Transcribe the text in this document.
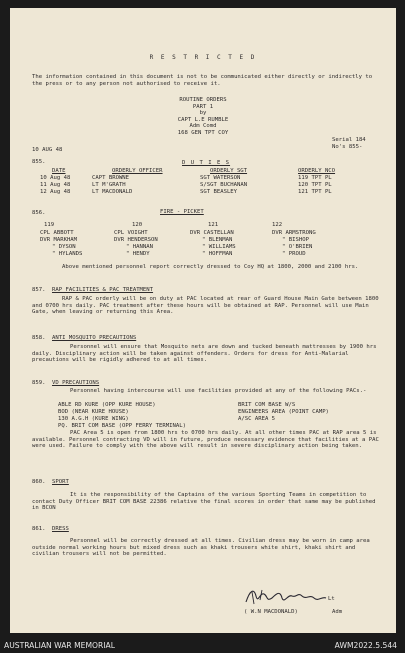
R E S T R I C T E D
The information contained in this document is not to be communicated either directly or indirectly to the press or to any person not authorised to receive it.
ROUTINE ORDERS
PART 1
by
CAPT L.E RUMBLE
Adm Comd
168 GEN TPT COY
10 AUG 48
Serial 184
No's 855-
855.	D U T I E S
DATE	ORDERLY OFFICER	ORDERLY SGT	ORDERLY NCO
10 Aug 48	CAPT BROWNE	SGT WATERSON	119 TPT PL
11 Aug 48	LT M'GRATH	S/SGT BUCHANAN	120 TPT PL
12 Aug 48	LT MACDONALD	SGT BEASLEY	121 TPT PL
856.	FIRE - PICKET
119	120	121	122
CPL ABBOTT	CPL VOIGHT	DVR CASTELLAN	DVR ARMSTRONG
DVR MARKHAM	DVR HENDERSON	" BLENMAN	" BISHOP
" DYSON	" HANNAN	" WILLIAMS	" O'BRIEN
" HYLANDS	" HENDY	" HOFFMAN	" PROUD
Above mentioned personnel report correctly dressed to Coy HQ at 1800, 2000 and 2100 hrs.
857. RAP FACILITIES & PAC TREATMENT
RAP & PAC orderly will be on duty at PAC located at rear of Guard House Main Gate between 1800 and 0700 hrs daily. PAC treatment after these hours will be obtained at RAP. Personnel will use Main Gate, when leaving or returning this Area.
858. ANTI MOSQUITO PRECAUTIONS
Personnel will ensure that Mosquito nets are down and tucked beneath mattresses by 1900 hrs daily. Disciplinary action will be taken against offenders. Orders for dress for Anti-Malarial precautions will be rigidly adhered to at all times.
859. VD PRECAUTIONS
Personnel having intercourse will use facilities provided at any of the following PACs.-
ABLE RD KURE (OPP KURE HOUSE)
BOD (NEAR KURE HOUSE)
130 A.G.H (KURE WING)
PQ. BRIT COM BASE (OPP FERRY TERMINAL)
BRIT COM BASE W/S
ENGINEERS AREA (POINT CAMP)
A/SC AREA 5
PAC Area 5 is open from 1800 hrs to 0700 hrs daily. At all other times PAC at RAP area 5 is available. Personnel contracting VD will in future, produce necessary evidence that facilities at a PAC were used. Failure to comply with the above will result in severe disciplinary action being taken.
860. SPORT
It is the responsibility of the Captains of the various Sporting Teams in competition to contact Duty Officer BRIT COM BASE 22386 relative the final scores in order that same may be published in BCON
861. DRESS
Personnel will be correctly dressed at all times. Civilian dress may be worn in camp area outside normal working hours but mixed dress such as khaki trousers white shirt, khaki shirt and civilian trousers will not be permitted.
Lt
( W.N MACDONALD)	Adm
AUSTRALIAN WAR MEMORIAL	AWM2022.5.544
